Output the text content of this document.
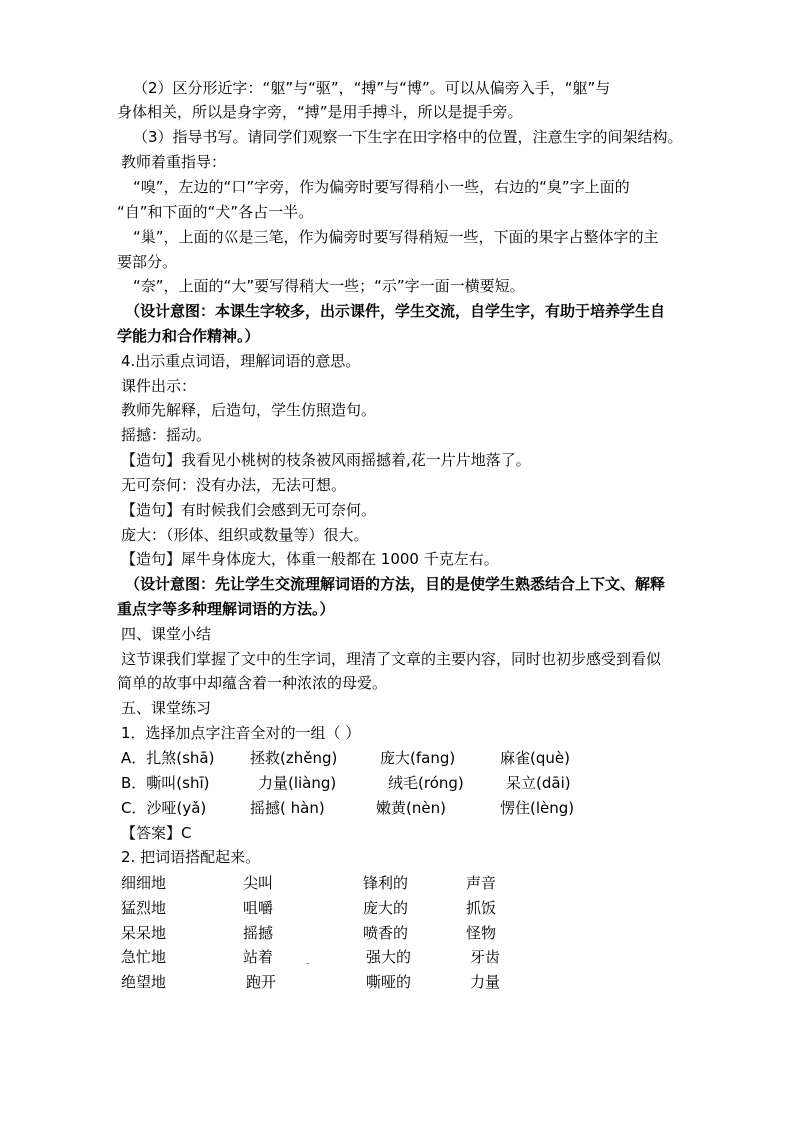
（2）区分形近字：“躯”与“驱”，“搏”与“博”。可以从偏旁入手，“躯”与
身体相关，所以是身字旁，“搏”是用手搏斗，所以是提手旁。
（3）指导书写。请同学们观察一下生字在田字格中的位置，注意生字的间架结构。
教师着重指导：
“嗅”，左边的“口”字旁，作为偏旁时要写得稍小一些，右边的“臭”字上面的
“自”和下面的“犬”各占一半。
“巢”，上面的巛是三笔，作为偏旁时要写得稍短一些，下面的果字占整体字的主
要部分。
“奈”，上面的“大”要写得稍大一些；“示”字一面一横要短。
（设计意图：本课生字较多，出示课件，学生交流，自学生字，有助于培养学生自
学能力和合作精神。）
4.出示重点词语，理解词语的意思。
课件出示：
教师先解释，后造句，学生仿照造句。
摇撼：摇动。
【造句】我看见小桃树的枝条被风雨摇撼着,花一片片地落了。
无可奈何：没有办法，无法可想。
【造句】有时候我们会感到无可奈何。
庞大：（形体、组织或数量等）很大。
【造句】犀牛身体庞大，体重一般都在 1000 千克左右。
（设计意图：先让学生交流理解词语的方法，目的是使学生熟悉结合上下文、解释
重点字等多种理解词语的方法。）
四、课堂小结
这节课我们掌握了文中的生字词，理清了文章的主要内容，同时也初步感受到看似
简单的故事中却蕴含着一种浓浓的母爱。
五、课堂练习
1．选择加点字注音全对的一组（ ）
A．扎煞(shā) 拯救(zhěng)	庞大(fang)	麻雀(què)
B．嘶叫(shī)	力量(liàng)	绒毛(róng)	呆立(dāi)
C．沙哑(yǎ)	摇撼( hàn)	嫩黄(nèn)	愣住(lèng)
【答案】C
2. 把词语搭配起来。
细细地	尖叫	锋利的	声音
猛烈地	咀嚼	庞大的	抓饭
呆呆地	摇撼	喷香的	怪物
急忙地	站着	强大的	牙齿
绝望地	跑开	嘶哑的	力量
